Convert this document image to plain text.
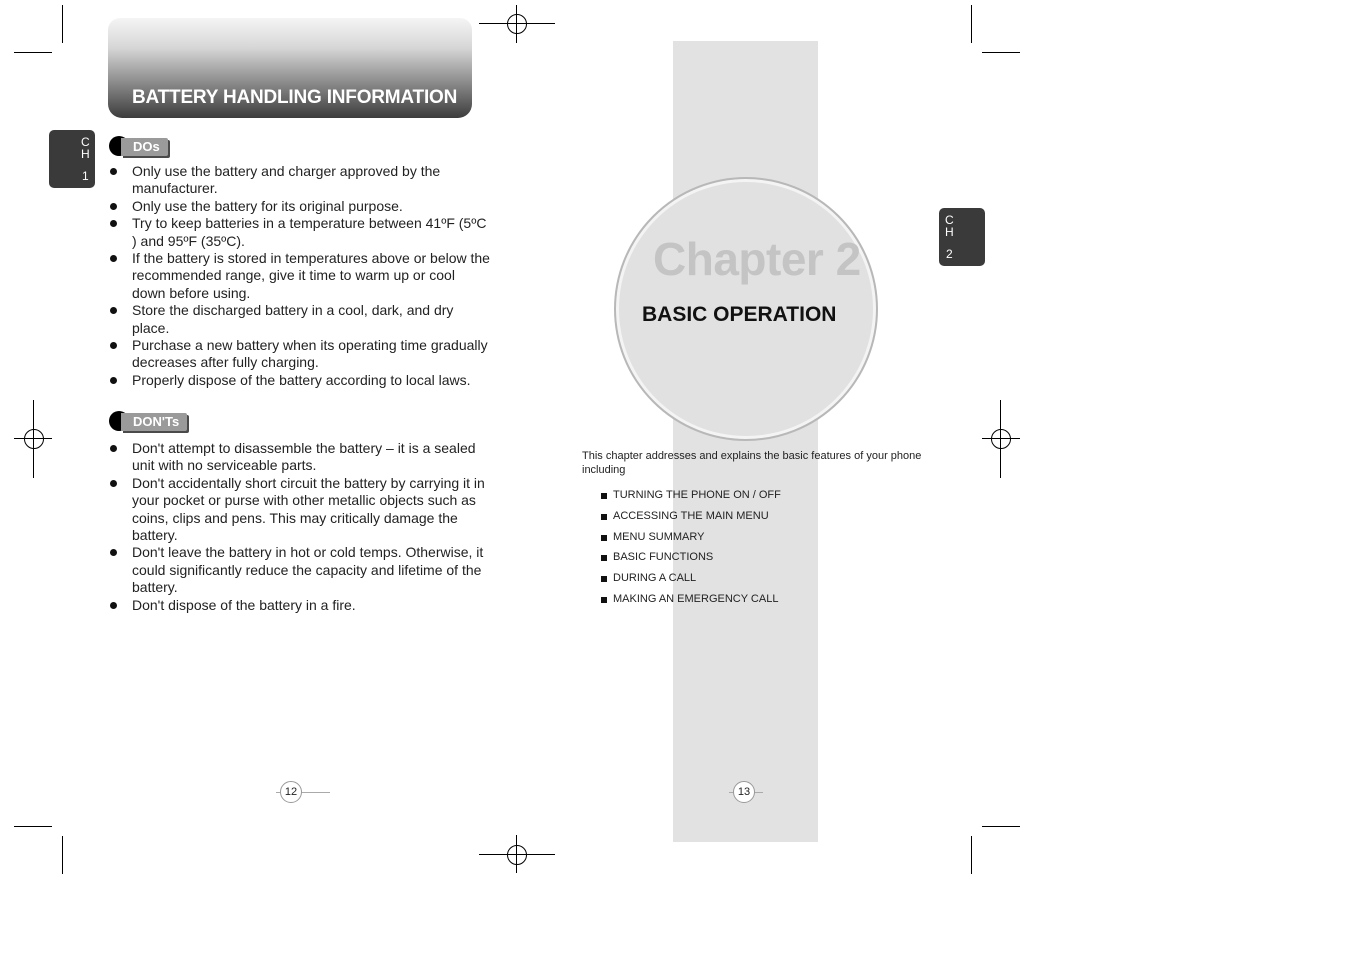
BATTERY HANDLING INFORMATION
C
H
1
DOs
Only use the battery and charger approved by the manufacturer.
Only use the battery for its original purpose.
Try to keep batteries in a temperature between 41ºF (5ºC ) and 95ºF (35ºC).
If the battery is stored in temperatures above or below the recommended range, give it time to warm up or cool down before using.
Store the discharged battery in a cool, dark, and dry place.
Purchase a new battery when its operating time gradually decreases after fully charging.
Properly dispose of the battery according to local laws.
DON'Ts
Don't attempt to disassemble the battery – it is a sealed unit with no serviceable parts.
Don't accidentally short circuit the battery by carrying it in your pocket or purse with other metallic objects such as coins, clips and pens. This may critically damage the battery.
Don't leave the battery in hot or cold temps. Otherwise, it could significantly reduce the capacity and lifetime of the battery.
Don't dispose of the battery in a fire.
12
Chapter 2
BASIC OPERATION
C
H
2
This chapter addresses and explains the basic features of your phone including
TURNING THE PHONE ON / OFF
ACCESSING THE MAIN MENU
MENU SUMMARY
BASIC FUNCTIONS
DURING A CALL
MAKING AN EMERGENCY CALL
13
